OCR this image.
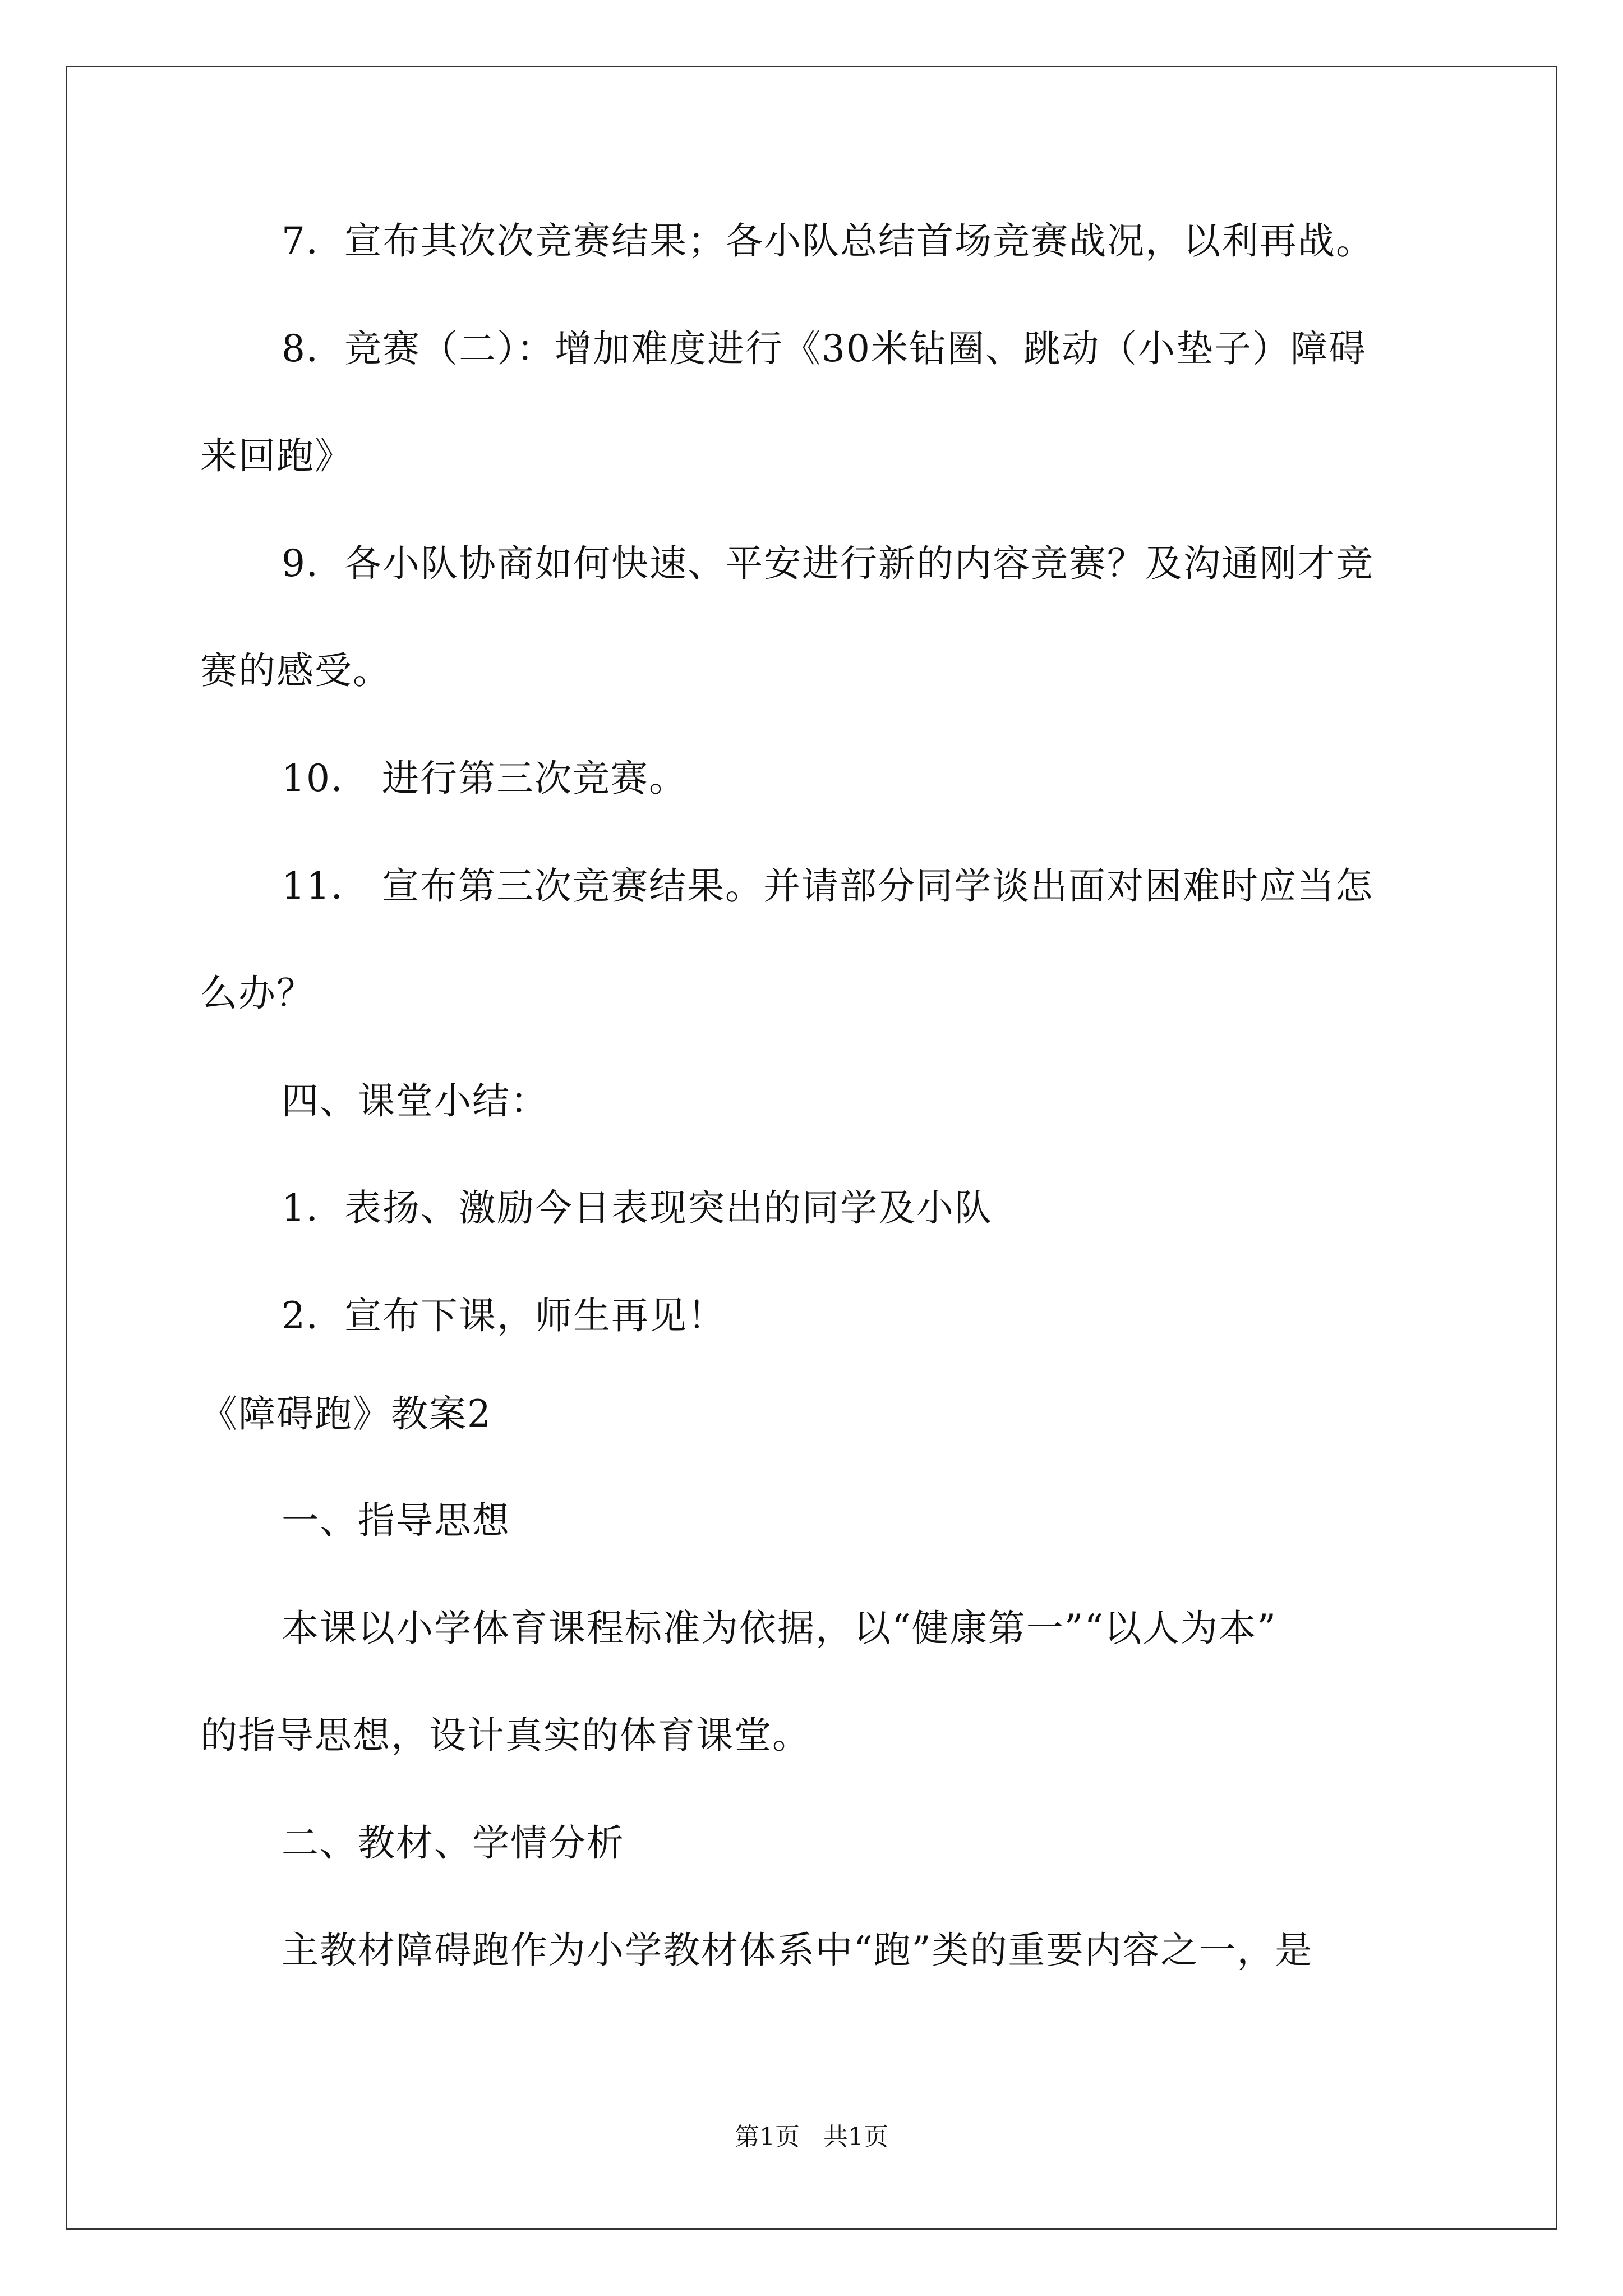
7．宣布其次次竞赛结果；各小队总结首场竞赛战况，以利再战。
8．竞赛（二）：增加难度进行《30米钻圈、跳动（小垫子）障碍
来回跑》
9．各小队协商如何快速、平安进行新的内容竞赛？及沟通刚才竞
赛的感受。
10． 进行第三次竞赛。
11． 宣布第三次竞赛结果。并请部分同学谈出面对困难时应当怎
么办？
四、课堂小结：
1．表扬、激励今日表现突出的同学及小队
2．宣布下课，师生再见！
《障碍跑》教案2
一、指导思想
本课以小学体育课程标准为依据，以“健康第一”“以人为本”
的指导思想，设计真实的体育课堂。
二、教材、学情分析
主教材障碍跑作为小学教材体系中“跑”类的重要内容之一，是
第1页   共1页
